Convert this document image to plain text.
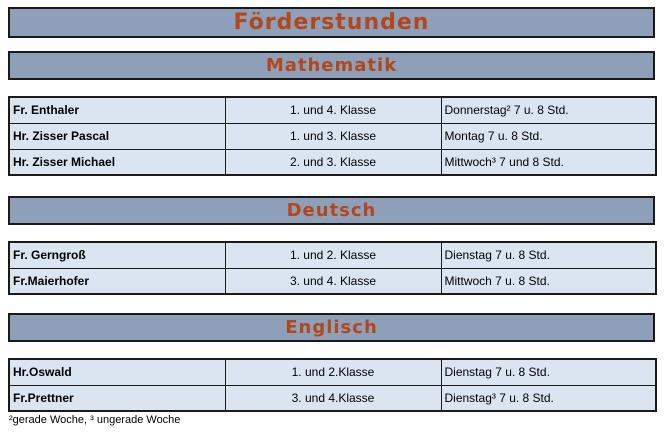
Förderstunden
Mathematik
Fr. Enthaler	1. und 4. Klasse	Donnerstag² 7 u. 8 Std.
Hr. Zisser Pascal	1. und 3. Klasse	Montag 7 u. 8 Std.
Hr. Zisser Michael	2. und 3. Klasse	Mittwoch³ 7 und 8 Std.
Deutsch
Fr. Gerngroß	1. und 2. Klasse	Dienstag 7 u. 8 Std.
Fr.Maierhofer	3. und 4. Klasse	Mittwoch 7 u. 8 Std.
Englisch
Hr.Oswald	1. und 2.Klasse	Dienstag 7 u. 8 Std.
Fr.Prettner	3. und 4.Klasse	Dienstag³ 7 u. 8 Std.
²gerade Woche, ³ ungerade Woche
